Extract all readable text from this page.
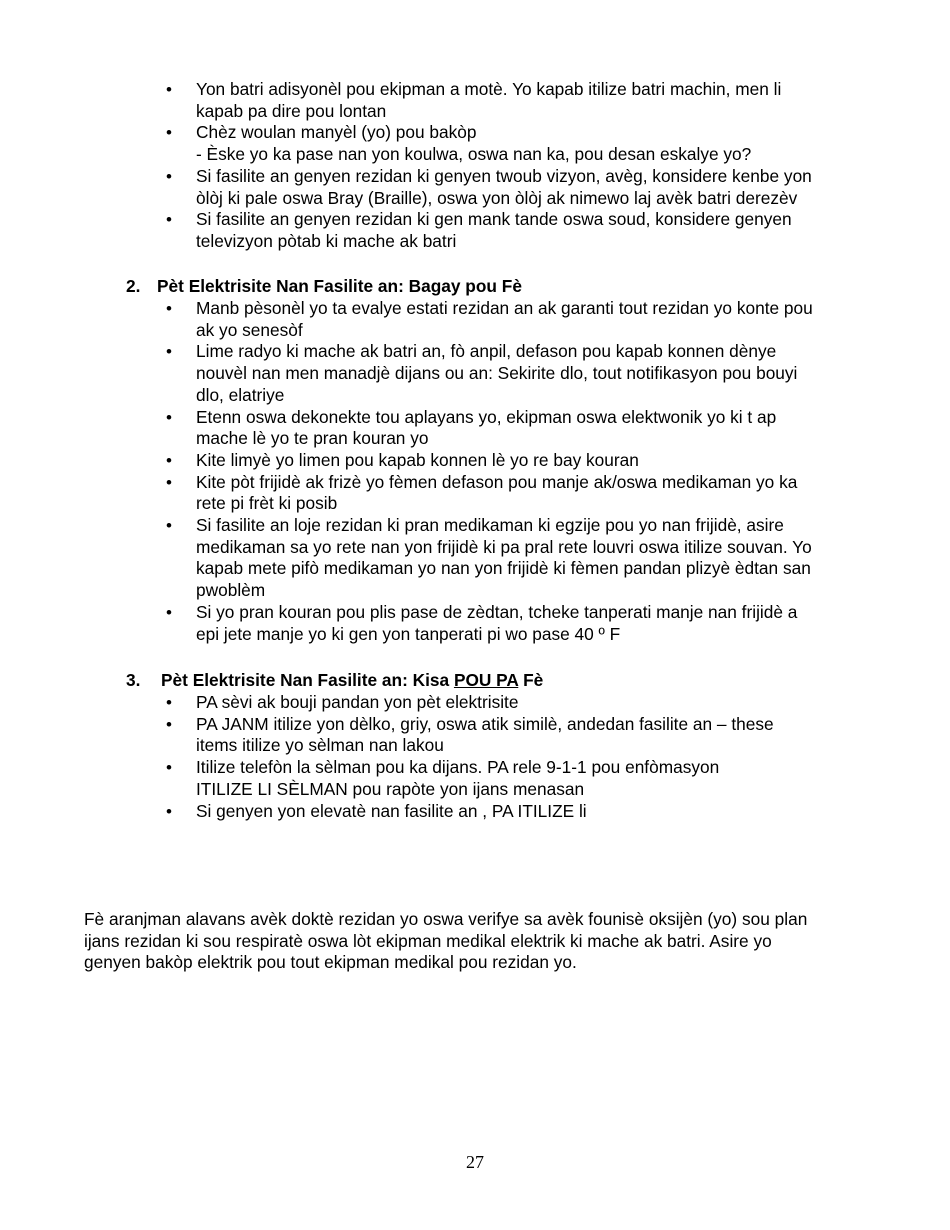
• Yon batri adisyonèl pou ekipman a motè. Yo kapab itilize batri machin, men li
kapab pa dire pou lontan
• Chèz woulan manyèl (yo) pou bakòp
- Èske yo ka pase nan yon koulwa, oswa nan ka, pou desan eskalye yo?
• Si fasilite an genyen rezidan ki genyen twoub vizyon, avèg, konsidere kenbe yon
òlòj ki pale oswa Bray (Braille), oswa yon òlòj ak nimewo laj avèk batri derezèv
• Si fasilite an genyen rezidan ki gen mank tande oswa soud, konsidere genyen
televizyon pòtab ki mache ak batri
2. Pèt Elektrisite Nan Fasilite an: Bagay pou Fè
• Manb pèsonèl yo ta evalye estati rezidan an ak garanti tout rezidan yo konte pou
ak yo senesòf
• Lime radyo ki mache ak batri an, fò anpil, defason pou kapab konnen dènye
nouvèl nan men manadjè dijans ou an: Sekirite dlo, tout notifikasyon pou bouyi
dlo, elatriye
• Etenn oswa dekonekte tou aplayans yo, ekipman oswa elektwonik yo ki t ap
mache lè yo te pran kouran yo
• Kite limyè yo limen pou kapab konnen lè yo re bay kouran
• Kite pòt frijidè ak frizè yo fèmen defason pou manje ak/oswa medikaman yo ka
rete pi frèt ki posib
• Si fasilite an loje rezidan ki pran medikaman ki egzije pou yo nan frijidè, asire
medikaman sa yo rete nan yon frijidè ki pa pral rete louvri oswa itilize souvan. Yo
kapab mete pifò medikaman yo nan yon frijidè ki fèmen pandan plizyè èdtan san
pwoblèm
• Si yo pran kouran pou plis pase de zèdtan, tcheke tanperati manje nan frijidè a
epi jete manje yo ki gen yon tanperati pi wo pase 40 º F
3. Pèt Elektrisite Nan Fasilite an: Kisa POU PA Fè
• PA sèvi ak bouji pandan yon pèt elektrisite
• PA JANM itilize yon dèlko, griy, oswa atik similè, andedan fasilite an – these
items itilize yo sèlman nan lakou
• Itilize telefòn la sèlman pou ka dijans. PA rele 9-1-1 pou enfòmasyon
ITILIZE LI SÈLMAN pou rapòte yon ijans menasan
• Si genyen yon elevatè nan fasilite an , PA ITILIZE li
Fè aranjman alavans avèk doktè rezidan yo oswa verifye sa avèk founisè oksijèn (yo) sou plan
ijans rezidan ki sou respiratè oswa lòt ekipman medikal elektrik ki mache ak batri. Asire yo
genyen bakòp elektrik pou tout ekipman medikal pou rezidan yo.
27
